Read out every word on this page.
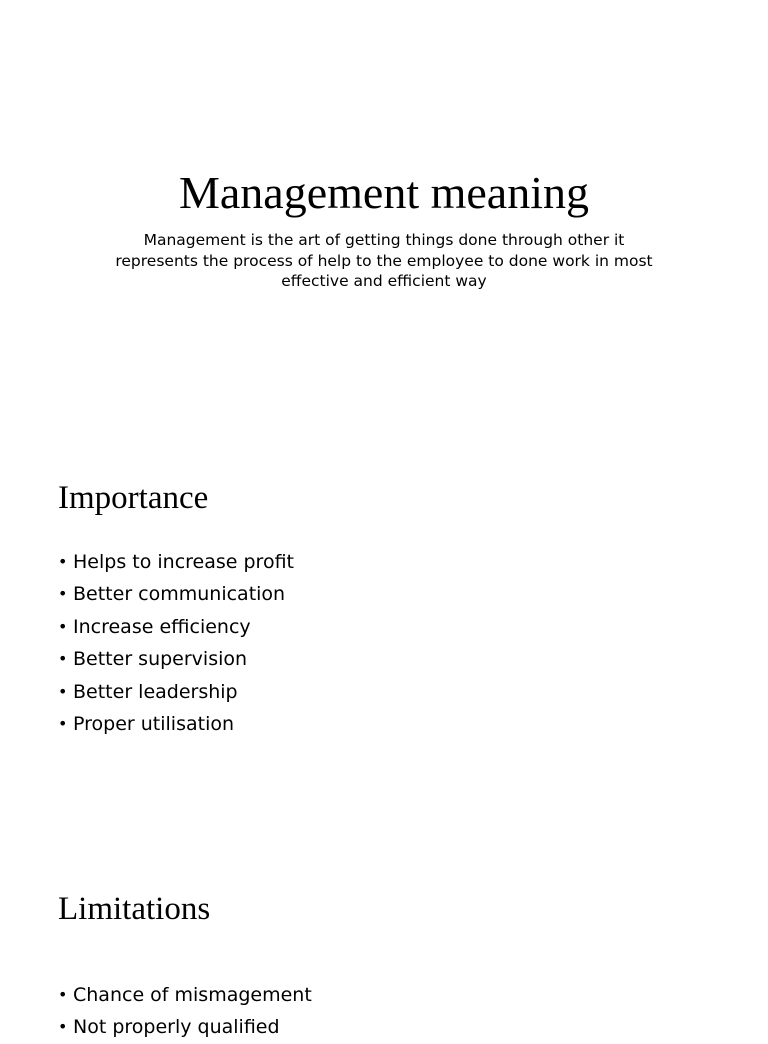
Management meaning

Management is the art of getting things done through other it represents the process of help to the employee to done work in most effective and efficient way

Importance
• Helps to increase profit
• Better communication
• Increase efficiency
• Better supervision
• Better leadership
• Proper utilisation
Limitations
• Chance of mismagement
• Not properly qualified
